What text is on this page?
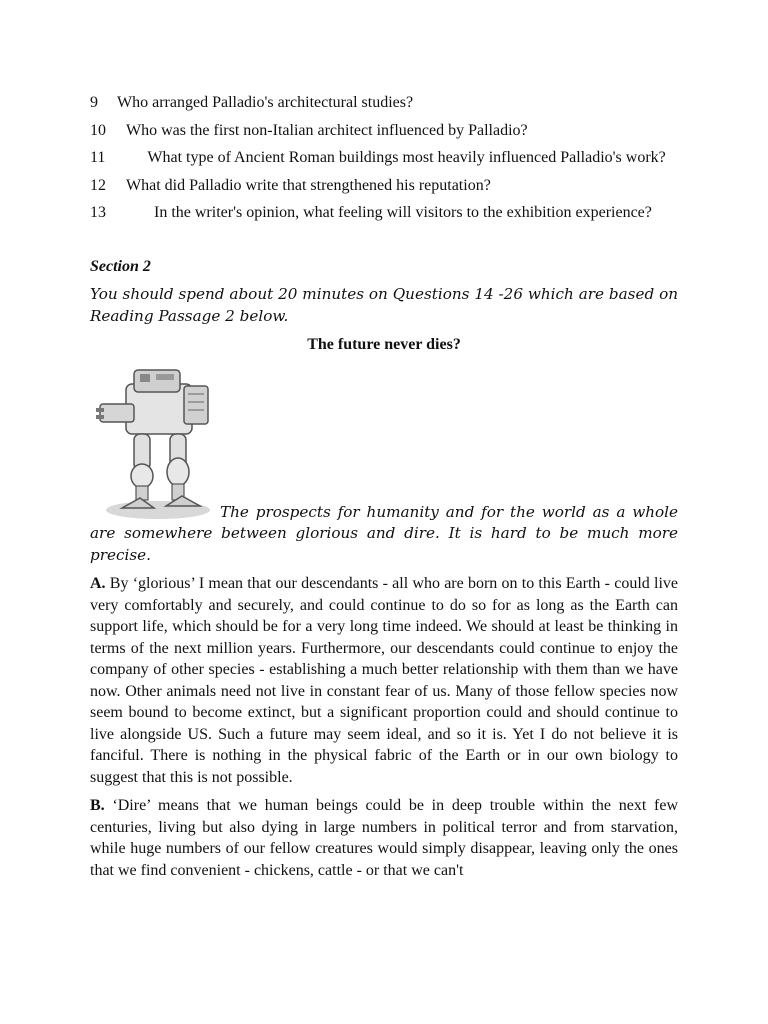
9	Who arranged Palladio's architectural studies?
10	Who was the first non-Italian architect influenced by Palladio?
11	What type of Ancient Roman buildings most heavily influenced Palladio's work?
12	What did Palladio write that strengthened his reputation?
13	In the writer's opinion, what feeling will visitors to the exhibition experience?
Section 2
You should spend about 20 minutes on Questions 14 -26 which are based on Reading Passage 2 below.
The future never dies?
The prospects for humanity and for the world as a whole are somewhere between glorious and dire. It is hard to be much more precise.
A. By ‘glorious’ I mean that our descendants - all who are born on to this Earth - could live very comfortably and securely, and could continue to do so for as long as the Earth can support life, which should be for a very long time indeed. We should at least be thinking in terms of the next million years. Furthermore, our descendants could continue to enjoy the company of other species - establishing a much better relationship with them than we have now. Other animals need not live in constant fear of us. Many of those fellow species now seem bound to become extinct, but a significant proportion could and should continue to live alongside US. Such a future may seem ideal, and so it is. Yet I do not believe it is fanciful. There is nothing in the physical fabric of the Earth or in our own biology to suggest that this is not possible.
B. ‘Dire’ means that we human beings could be in deep trouble within the next few centuries, living but also dying in large numbers in political terror and from starvation, while huge numbers of our fellow creatures would simply disappear, leaving only the ones that we find convenient - chickens, cattle - or that we can't
